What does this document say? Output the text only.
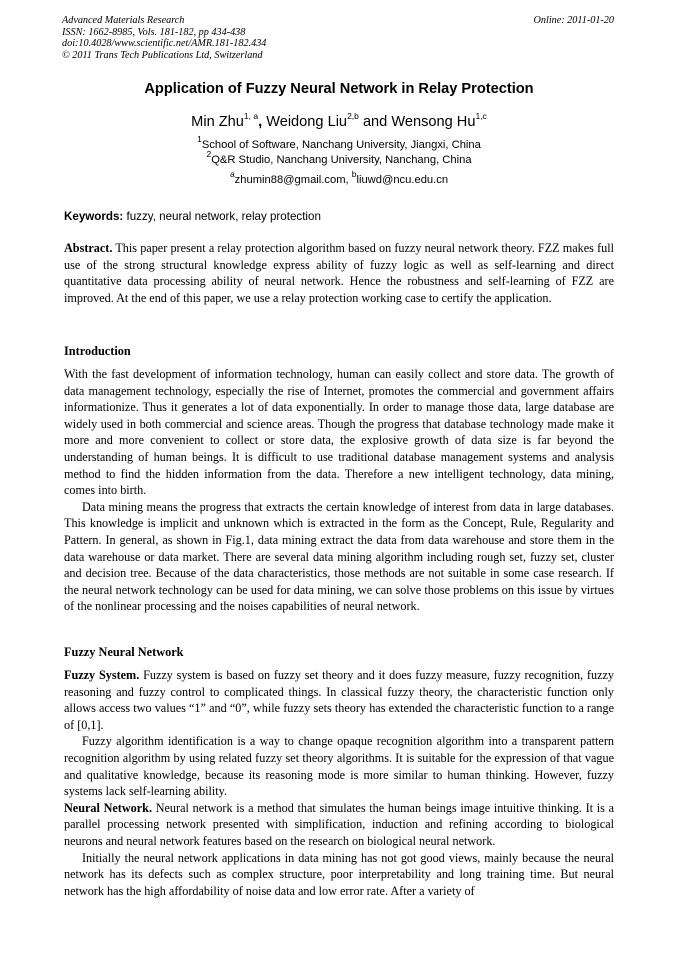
Advanced Materials Research
ISSN: 1662-8985, Vols. 181-182, pp 434-438
doi:10.4028/www.scientific.net/AMR.181-182.434
© 2011 Trans Tech Publications Ltd, Switzerland
Online: 2011-01-20
Application of Fuzzy Neural Network in Relay Protection
Min Zhu$^{1, a}$, Weidong Liu$^{2,b}$ and Wensong Hu$^{1,c}$
$^1$School of Software, Nanchang University, Jiangxi, China
$^2$Q&R Studio, Nanchang University, Nanchang, China
$^a$zhumin88@gmail.com, $^b$liuwd@ncu.edu.cn
Keywords: fuzzy, neural network, relay protection

Abstract. This paper present a relay protection algorithm based on fuzzy neural network theory. FZZ makes full use of the strong structural knowledge express ability of fuzzy logic as well as self-learning and direct quantitative data processing ability of neural network. Hence the robustness and self-learning of FZZ are improved. At the end of this paper, we use a relay protection working case to certify the application.

Introduction

With the fast development of information technology, human can easily collect and store data. The growth of data management technology, especially the rise of Internet, promotes the commercial and government affairs informationize. Thus it generates a lot of data exponentially. In order to manage those data, large database are widely used in both commercial and science areas. Though the progress that database technology made make it more and more convenient to collect or store data, the explosive growth of data size is far beyond the understanding of human beings. It is difficult to use traditional database management systems and analysis method to find the hidden information from the data. Therefore a new intelligent technology, data mining, comes into birth.

Data mining means the progress that extracts the certain knowledge of interest from data in large databases. This knowledge is implicit and unknown which is extracted in the form as the Concept, Rule, Regularity and Pattern. In general, as shown in Fig.1, data mining extract the data from data warehouse and store them in the data warehouse or data market. There are several data mining algorithm including rough set, fuzzy set, cluster and decision tree. Because of the data characteristics, those methods are not suitable in some case research. If the neural network technology can be used for data mining, we can solve those problems on this issue by virtues of the nonlinear processing and the noises capabilities of neural network.

Fuzzy Neural Network

Fuzzy System. Fuzzy system is based on fuzzy set theory and it does fuzzy measure, fuzzy recognition, fuzzy reasoning and fuzzy control to complicated things. In classical fuzzy theory, the characteristic function only allows access two values “1” and “0”, while fuzzy sets theory has extended the characteristic function to a range of [0,1].

Fuzzy algorithm identification is a way to change opaque recognition algorithm into a transparent pattern recognition algorithm by using related fuzzy set theory algorithms. It is suitable for the expression of that vague and qualitative knowledge, because its reasoning mode is more similar to human thinking. However, fuzzy systems lack self-learning ability.

Neural Network. Neural network is a method that simulates the human beings image intuitive thinking. It is a parallel processing network presented with simplification, induction and refining according to biological neurons and neural network features based on the research on biological neural network.

Initially the neural network applications in data mining has not got good views, mainly because the neural network has its defects such as complex structure, poor interpretability and long training time. But neural network has the high affordability of noise data and low error rate. After a variety of
